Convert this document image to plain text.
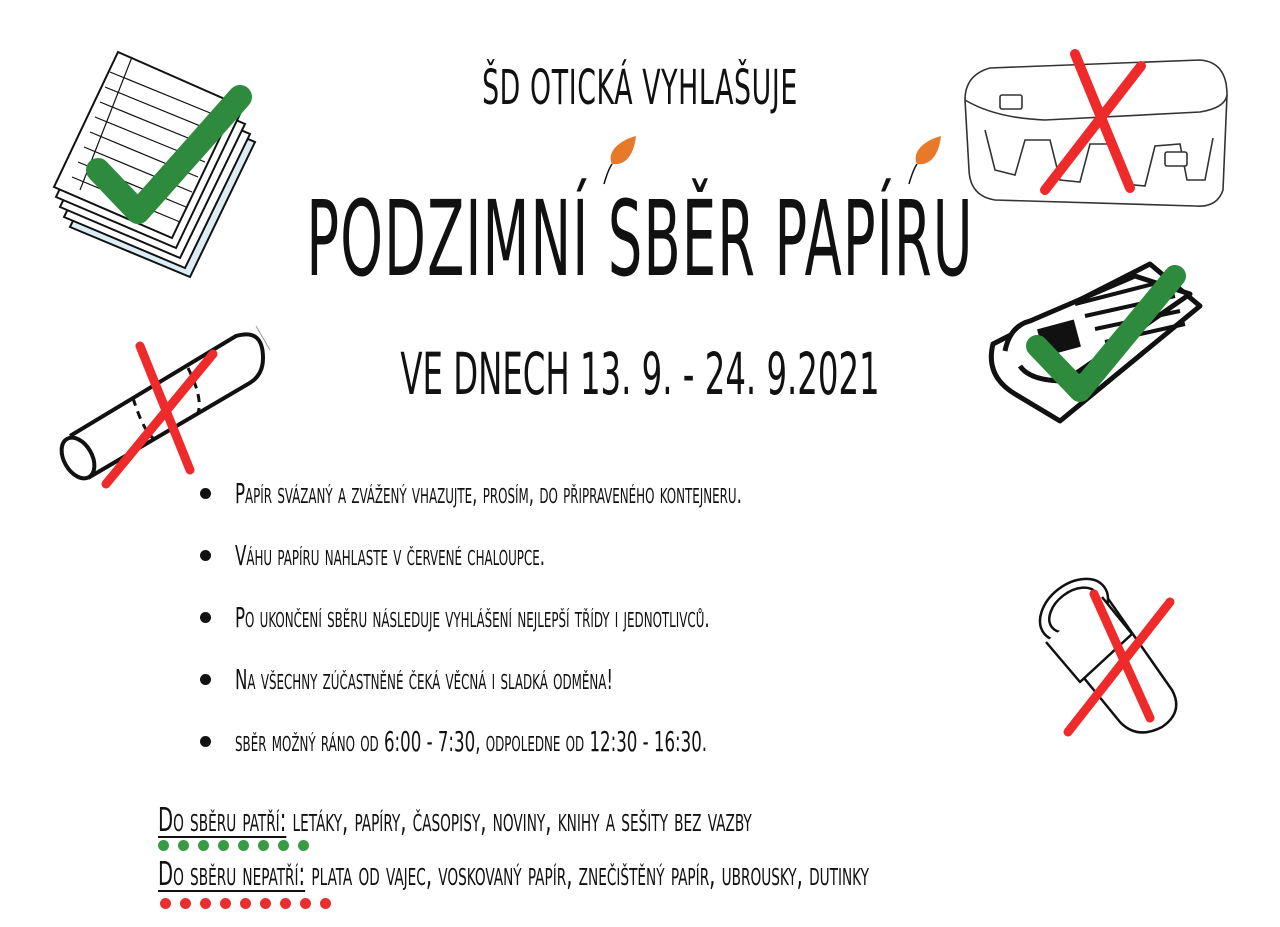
ŠD OTICKÁ VYHLAŠUJE
PODZIMNÍ SBĚR PAPÍRU
VE DNECH 13. 9. - 24. 9.2021
Papír svázaný a zvážený vhazujte, prosím, do připraveného kontejneru.
Váhu papíru nahlaste v červené chaloupce.
Po ukončení sběru následuje vyhlášení nejlepší třídy i jednotlivců.
Na všechny zúčastněné čeká věcná i sladká odměna!
sběr možný ráno od 6:00 - 7:30, odpoledne od 12:30 - 16:30.
Do sběru patří: letáky, papíry, časopisy, noviny, knihy a sešity bez vazby
Do sběru nepatří: plata od vajec, voskovaný papír, znečištěný papír, ubrousky, dutinky
